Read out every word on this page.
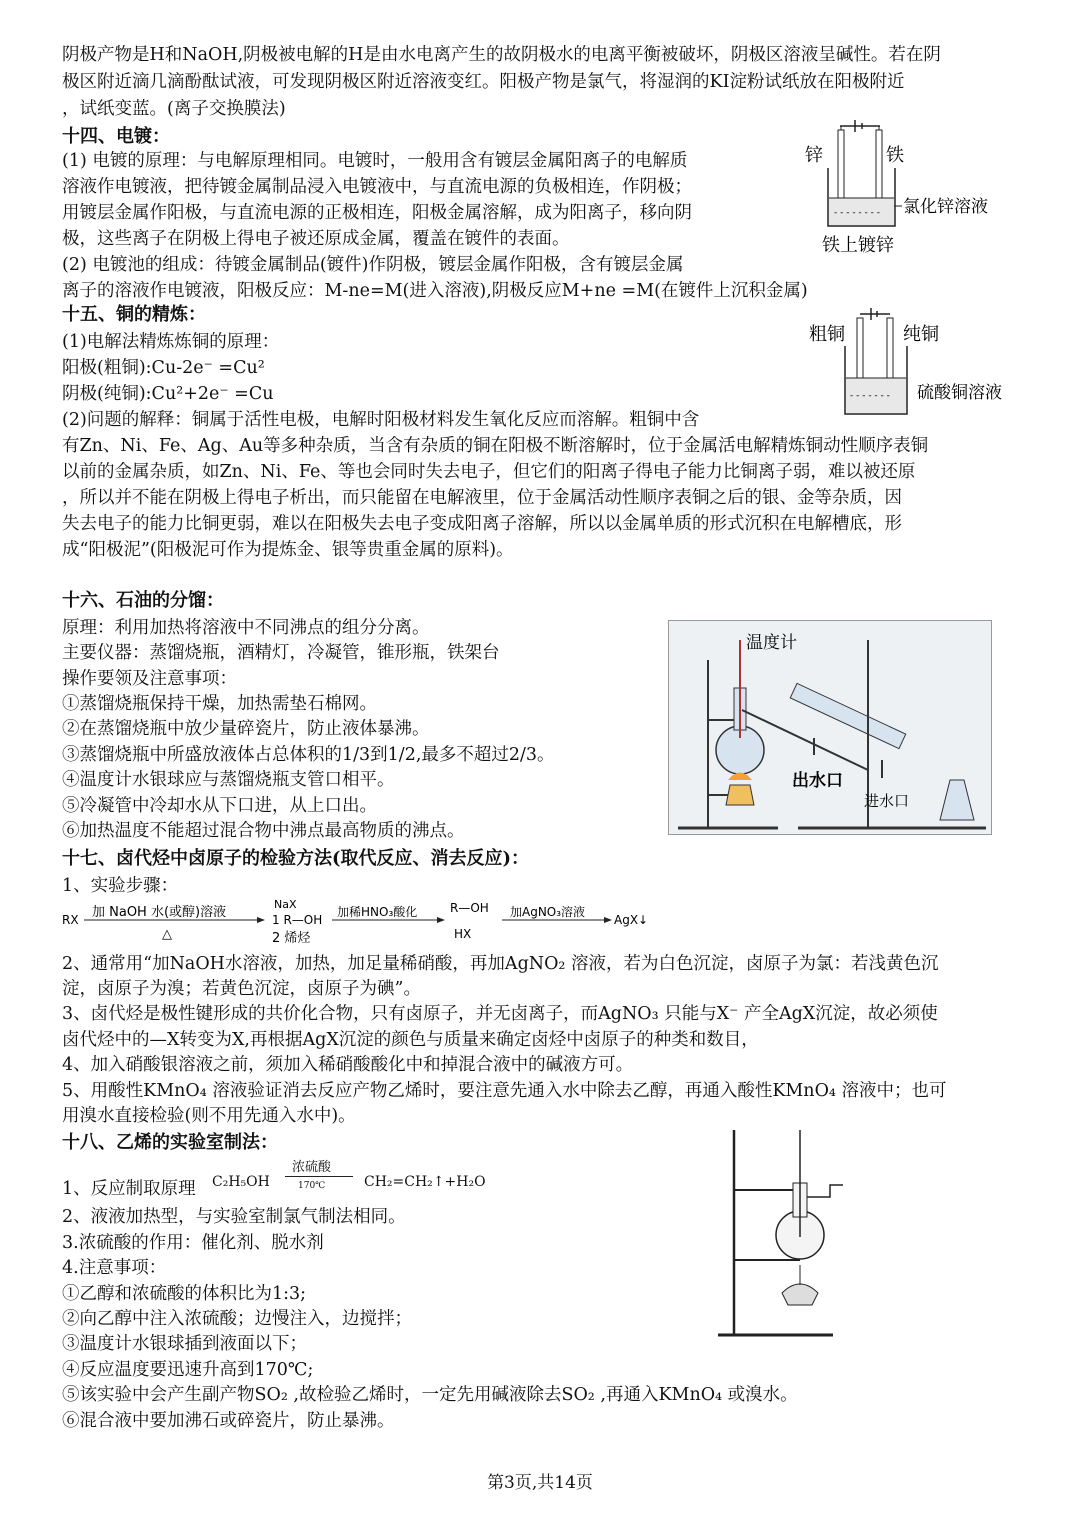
阴极产物是H和NaOH,阴极被电解的H是由水电离产生的故阴极水的电离平衡被破坏，阴极区溶液呈碱性。若在阴
极区附近滴几滴酚酞试液，可发现阴极区附近溶液变红。阳极产物是氯气，将湿润的KI淀粉试纸放在阳极附近
，试纸变蓝。(离子交换膜法)
十四、电镀：
(1) 电镀的原理：与电解原理相同。电镀时，一般用含有镀层金属阳离子的电解质
溶液作电镀液，把待镀金属制品浸入电镀液中，与直流电源的负极相连，作阴极；
用镀层金属作阳极，与直流电源的正极相连，阳极金属溶解，成为阳离子，移向阴
极，这些离子在阴极上得电子被还原成金属，覆盖在镀件的表面。
(2) 电镀池的组成：待镀金属制品(镀件)作阴极，镀层金属作阳极，含有镀层金属
离子的溶液作电镀液，阳极反应：M-ne=M(进入溶液),阴极反应M+ne =M(在镀件上沉积金属)
- - - - - - - -
锌	铁
氯化锌溶液
铁上镀锌
十五、铜的精炼：
(1)电解法精炼炼铜的原理：
阳极(粗铜):Cu-2e⁻ =Cu²
阴极(纯铜):Cu²+2e⁻ =Cu
(2)问题的解释：铜属于活性电极，电解时阳极材料发生氧化反应而溶解。粗铜中含
有Zn、Ni、Fe、Ag、Au等多种杂质，当含有杂质的铜在阳极不断溶解时，位于金属活电解精炼铜动性顺序表铜
以前的金属杂质，如Zn、Ni、Fe、等也会同时失去电子，但它们的阳离子得电子能力比铜离子弱，难以被还原
，所以并不能在阴极上得电子析出，而只能留在电解液里，位于金属活动性顺序表铜之后的银、金等杂质，因
失去电子的能力比铜更弱，难以在阳极失去电子变成阳离子溶解，所以以金属单质的形式沉积在电解槽底，形
成“阳极泥”(阳极泥可作为提炼金、银等贵重金属的原料)。
- - - - - - -
粗铜	纯铜
硫酸铜溶液
十六、石油的分馏：
原理：利用加热将溶液中不同沸点的组分分离。
主要仪器：蒸馏烧瓶，酒精灯，冷凝管，锥形瓶，铁架台
操作要领及注意事项：
①蒸馏烧瓶保持干燥，加热需垫石棉网。
②在蒸馏烧瓶中放少量碎瓷片，防止液体暴沸。
③蒸馏烧瓶中所盛放液体占总体积的1/3到1/2,最多不超过2/3。
④温度计水银球应与蒸馏烧瓶支管口相平。
⑤冷凝管中冷却水从下口进，从上口出。
⑥加热温度不能超过混合物中沸点最高物质的沸点。
温度计
出水口
进水口
十七、卤代烃中卤原子的检验方法(取代反应、消去反应)：
1、实验步骤：
RX 加 NaOH 水(或醇)溶液
△
NaX
1 R—OH
2 烯烃
加稀HNO₃酸化	R—OH
HX
加AgNO₃溶液
AgX↓
2、通常用“加NaOH水溶液，加热，加足量稀硝酸，再加AgNO₂ 溶液，若为白色沉淀，卤原子为氯：若浅黄色沉
淀，卤原子为溴；若黄色沉淀，卤原子为碘”。
3、卤代烃是极性键形成的共价化合物，只有卤原子，并无卤离子，而AgNO₃ 只能与X⁻ 产全AgX沉淀，故必须使
卤代烃中的—X转变为X,再根据AgX沉淀的颜色与质量来确定卤烃中卤原子的种类和数目，
4、加入硝酸银溶液之前，须加入稀硝酸酸化中和掉混合液中的碱液方可。
5、用酸性KMnO₄ 溶液验证消去反应产物乙烯时，要注意先通入水中除去乙醇，再通入酸性KMnO₄ 溶液中；也可
用溴水直接检验(则不用先通入水中)。
十八、乙烯的实验室制法：
1、反应制取原理 C₂H₅OH
浓硫酸
170℃	CH₂=CH₂↑+H₂O
2、液液加热型，与实验室制氯气制法相同。
3.浓硫酸的作用：催化剂、脱水剂
4.注意事项：
①乙醇和浓硫酸的体积比为1:3;
②向乙醇中注入浓硫酸；边慢注入，边搅拌；
③温度计水银球插到液面以下；
④反应温度要迅速升高到170℃;
⑤该实验中会产生副产物SO₂ ,故检验乙烯时，一定先用碱液除去SO₂ ,再通入KMnO₄ 或溴水。
⑥混合液中要加沸石或碎瓷片，防止暴沸。
第3页,共14页
